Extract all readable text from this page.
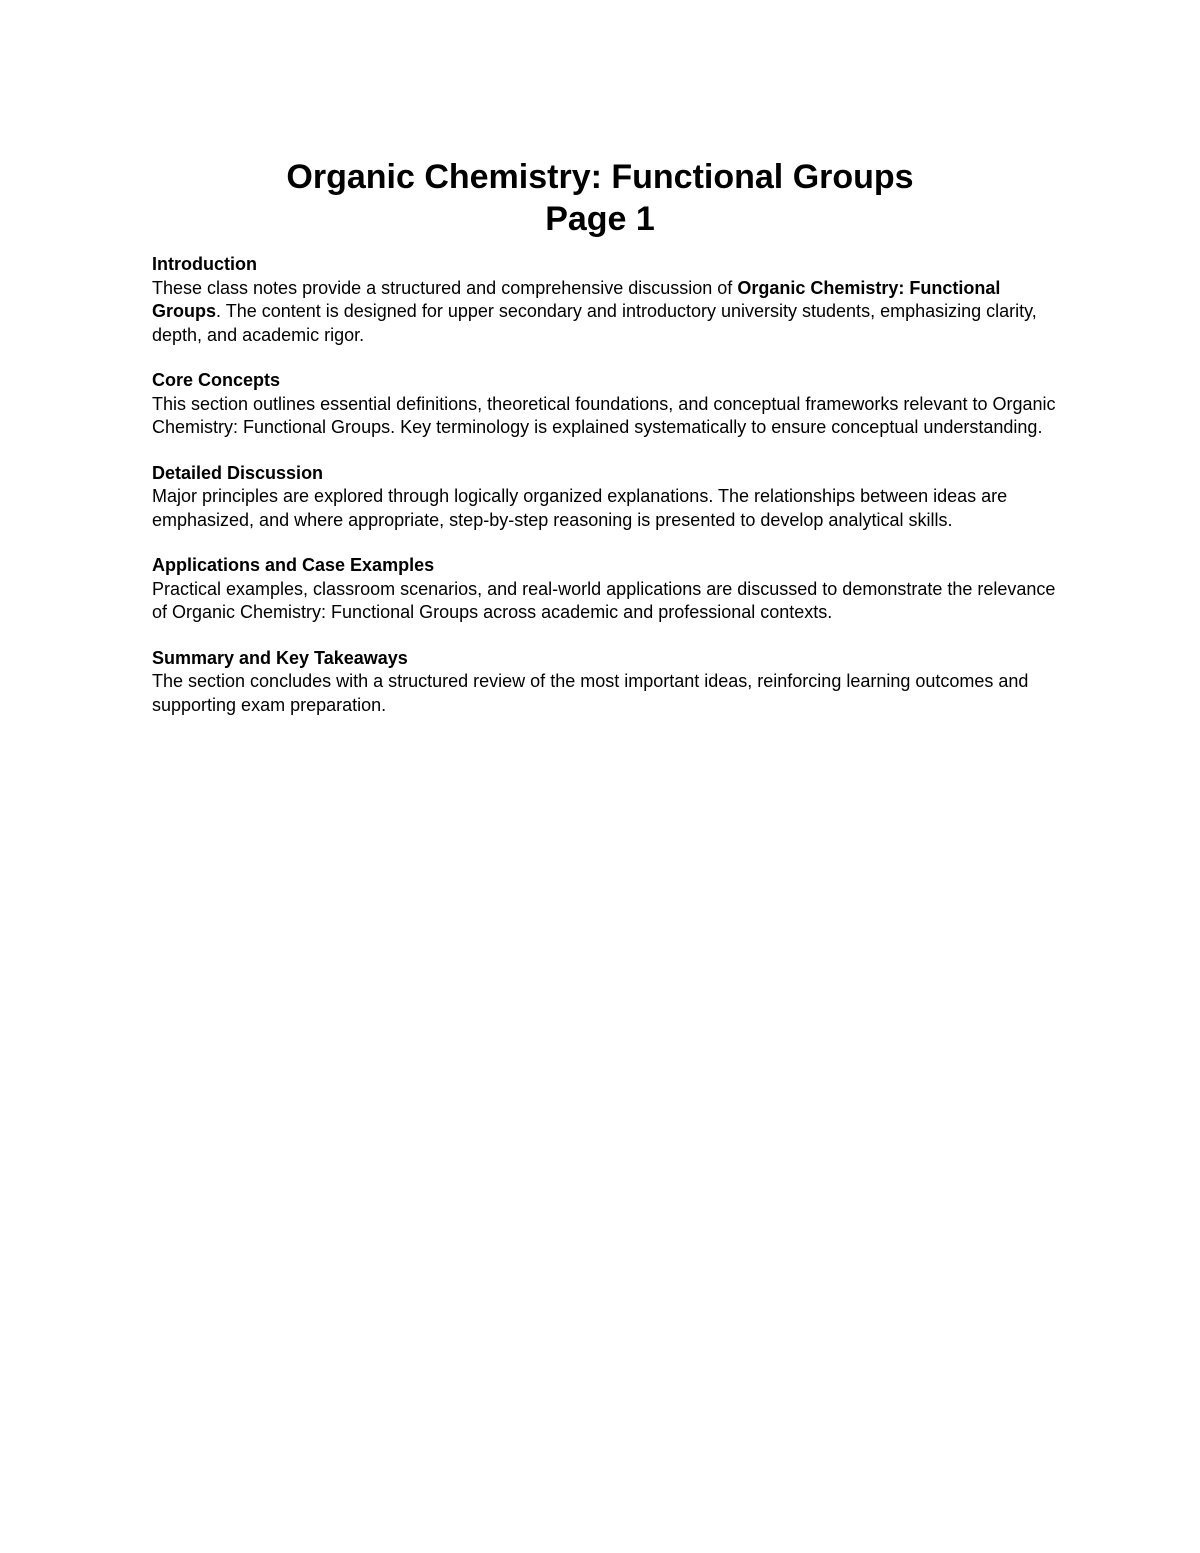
Organic Chemistry: Functional Groups
Page 1

Introduction

These class notes provide a structured and comprehensive discussion of Organic Chemistry: Functional Groups. The content is designed for upper secondary and introductory university students, emphasizing clarity, depth, and academic rigor.

Core Concepts

This section outlines essential definitions, theoretical foundations, and conceptual frameworks relevant to Organic Chemistry: Functional Groups. Key terminology is explained systematically to ensure conceptual understanding.

Detailed Discussion

Major principles are explored through logically organized explanations. The relationships between ideas are emphasized, and where appropriate, step-by-step reasoning is presented to develop analytical skills.

Applications and Case Examples

Practical examples, classroom scenarios, and real-world applications are discussed to demonstrate the relevance of Organic Chemistry: Functional Groups across academic and professional contexts.

Summary and Key Takeaways

The section concludes with a structured review of the most important ideas, reinforcing learning outcomes and supporting exam preparation.
